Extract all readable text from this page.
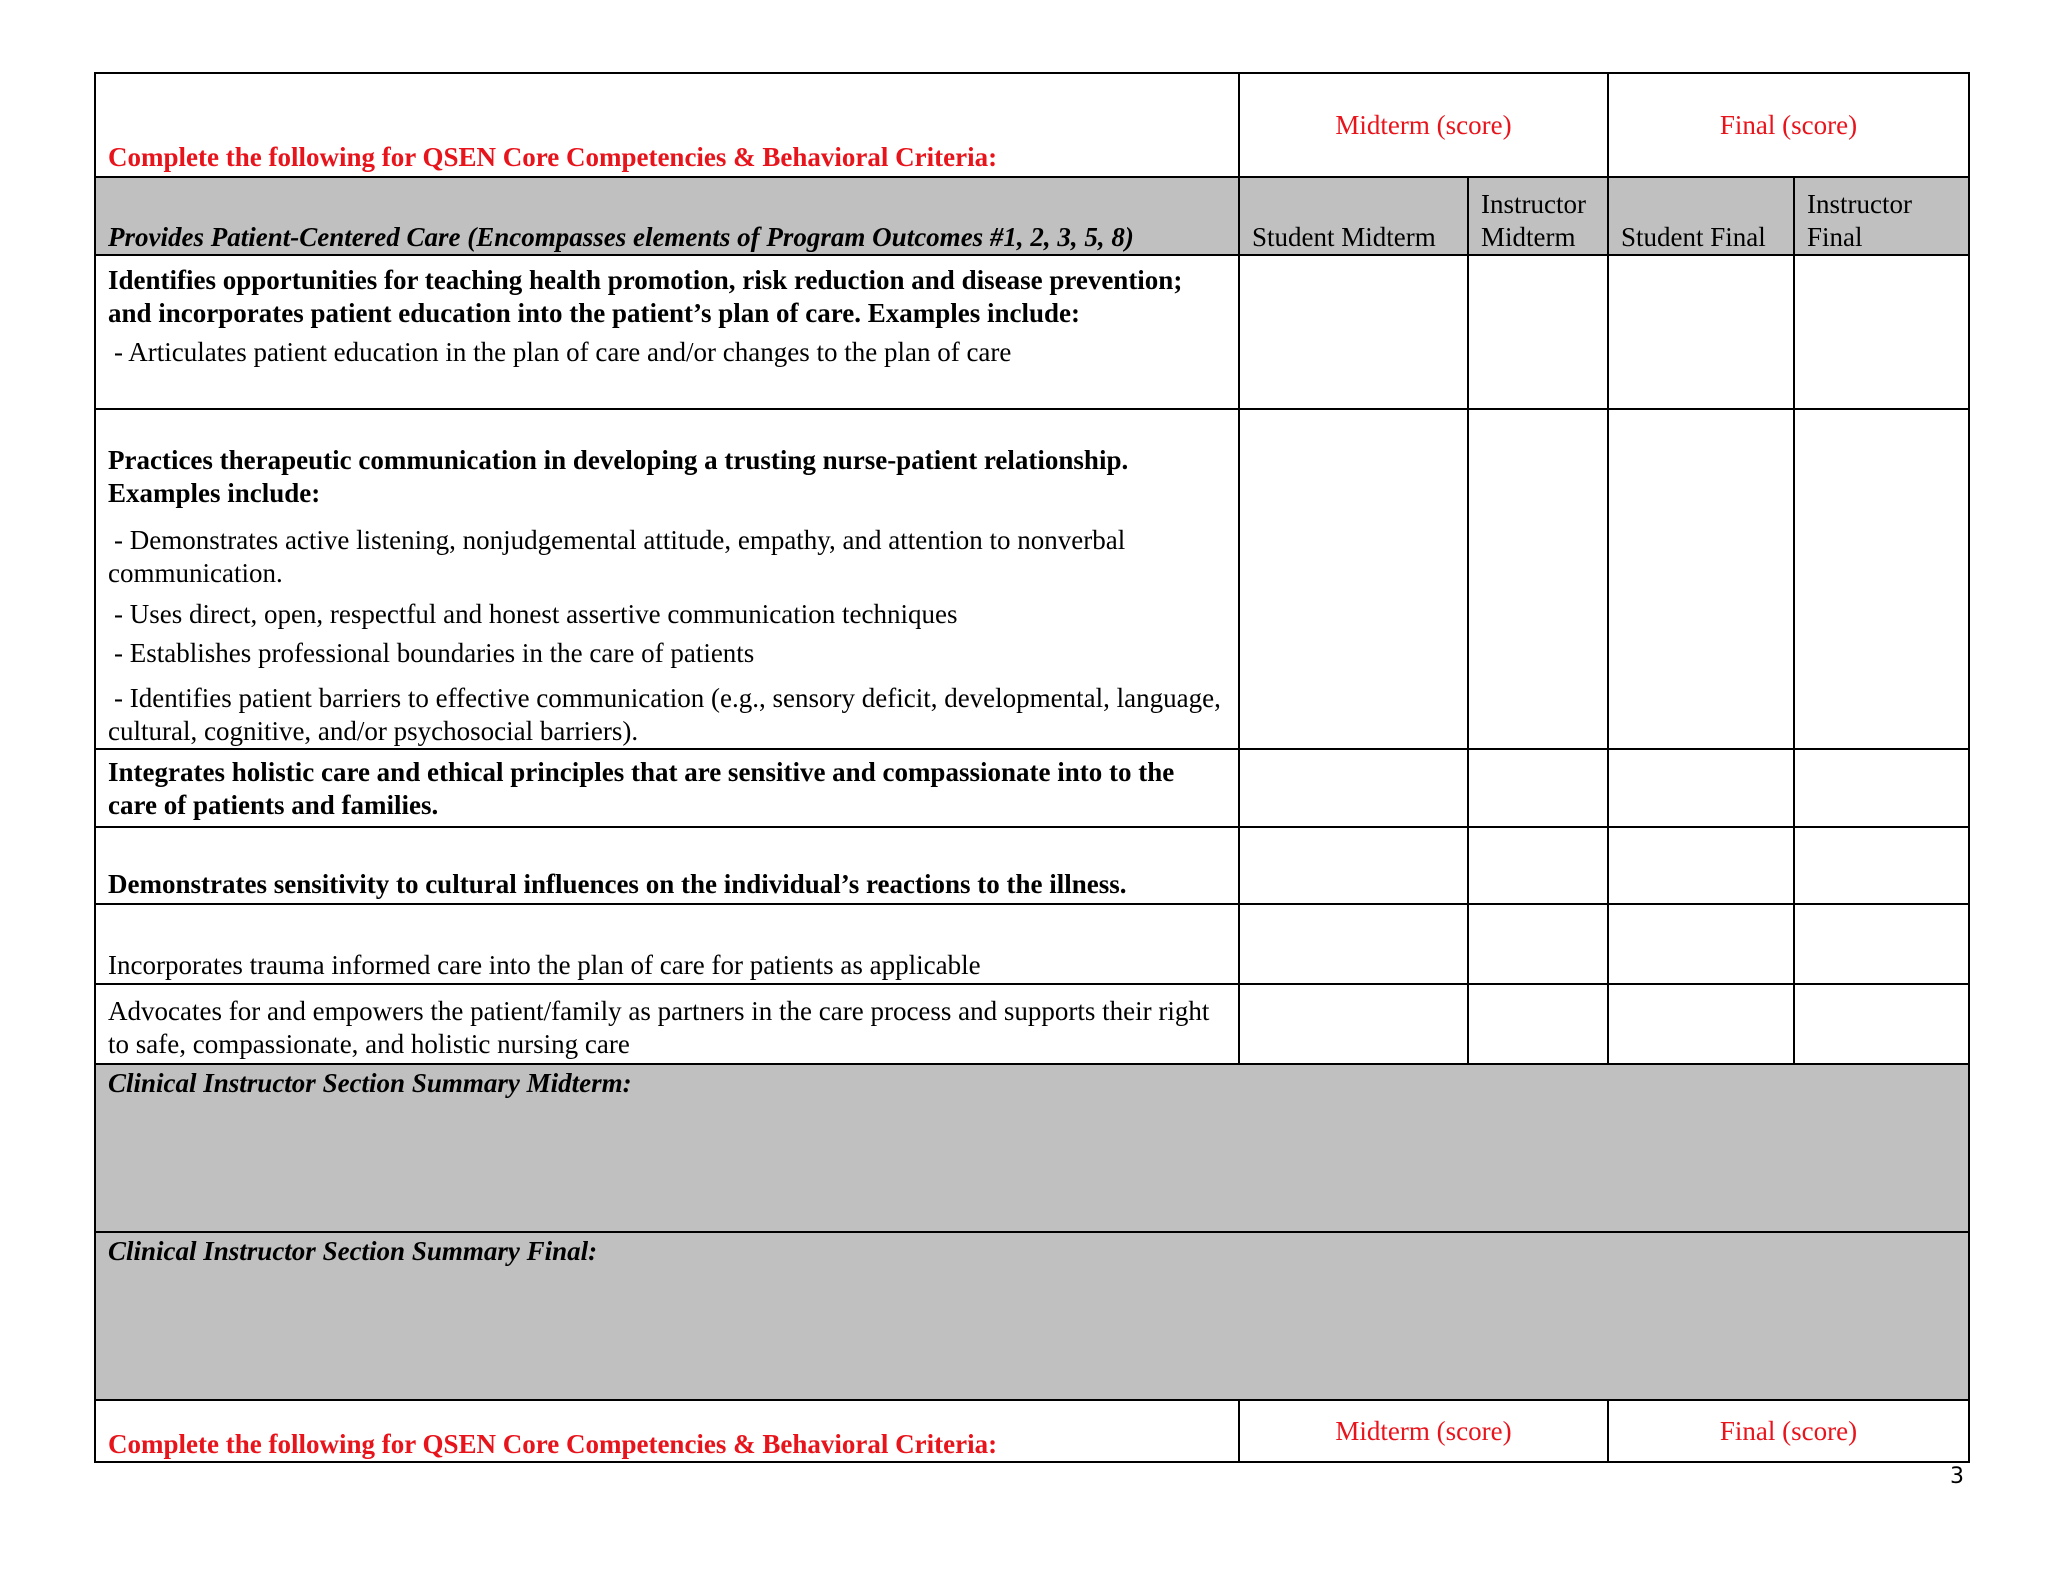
Complete the following for QSEN Core Competencies & Behavioral Criteria:	Midterm (score)		Final (score)	
Provides Patient-Centered Care (Encompasses elements of Program Outcomes #1, 2, 3, 5, 8)	Student Midterm	Instructor Midterm	Student Final	Instructor Final

Identifies opportunities for teaching health promotion, risk reduction and disease prevention; and incorporates patient education into the patient’s plan of care. Examples include:

- Articulates patient education in the plan of care and/or changes to the plan of care				

Practices therapeutic communication in developing a trusting nurse-patient relationship. Examples include:

- Demonstrates active listening, nonjudgemental attitude, empathy, and attention to nonverbal communication.

- Uses direct, open, respectful and honest assertive communication techniques

- Establishes professional boundaries in the care of patients

- Identifies patient barriers to effective communication (e.g., sensory deficit, developmental, language, cultural, cognitive, and/or psychosocial barriers).				

Integrates holistic care and ethical principles that are sensitive and compassionate into to the care of patients and families.				
Demonstrates sensitivity to cultural influences on the individual’s reactions to the illness.				
Incorporates trauma informed care into the plan of care for patients as applicable				
Advocates for and empowers the patient/family as partners in the care process and supports their right to safe, compassionate, and holistic nursing care				
Clinical Instructor Section Summary Midterm:				
Clinical Instructor Section Summary Final:				
Complete the following for QSEN Core Competencies & Behavioral Criteria:	Midterm (score)		Final (score)	
3
